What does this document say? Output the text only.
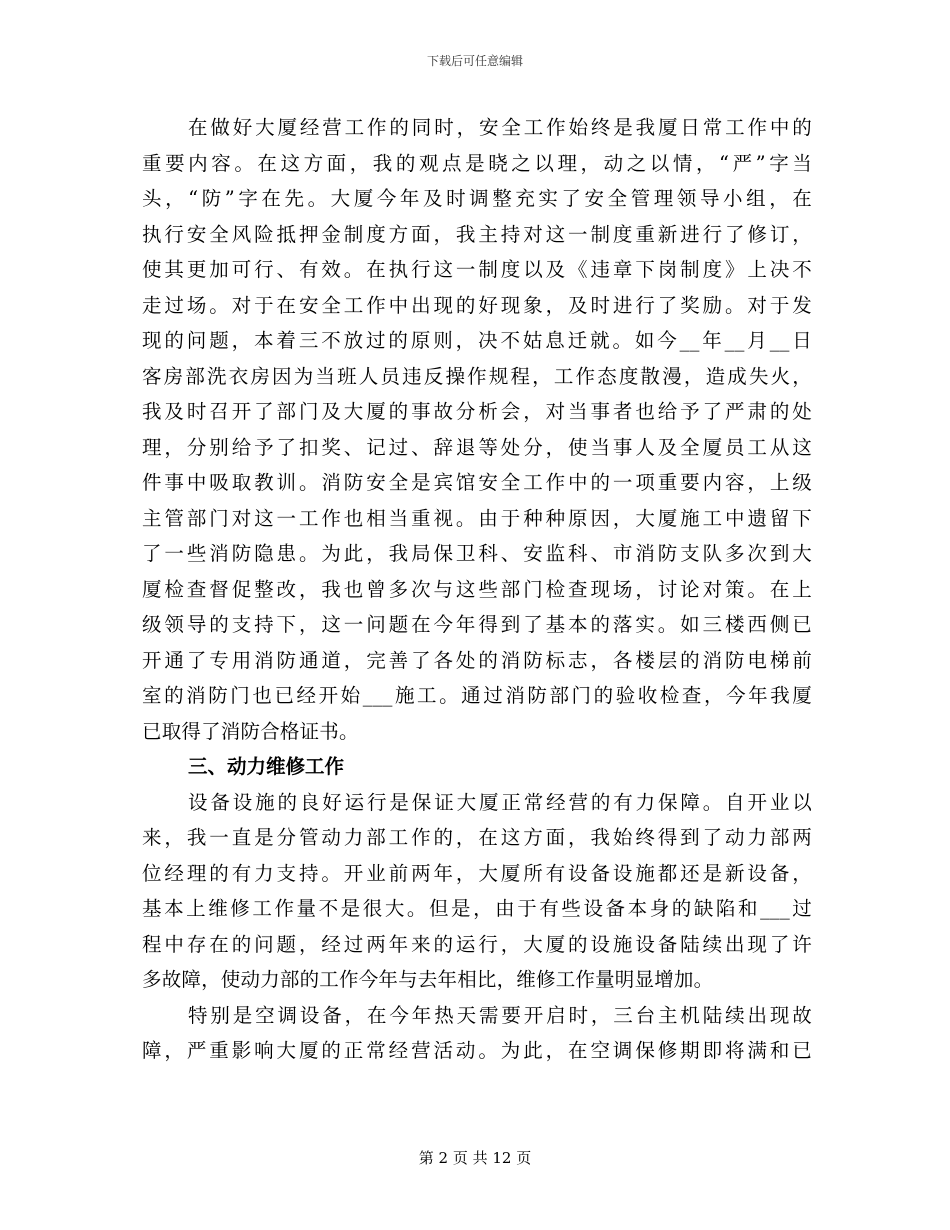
下载后可任意编辑
在做好大厦经营工作的同时，安全工作始终是我厦日常工作中的
重要内容。在这方面，我的观点是晓之以理，动之以情，“严”字当
头，“防”字在先。大厦今年及时调整充实了安全管理领导小组，在
执行安全风险抵押金制度方面，我主持对这一制度重新进行了修订，
使其更加可行、有效。在执行这一制度以及《违章下岗制度》上决不
走过场。对于在安全工作中出现的好现象，及时进行了奖励。对于发
现的问题，本着三不放过的原则，决不姑息迁就。如今__年__月__日
客房部洗衣房因为当班人员违反操作规程，工作态度散漫，造成失火，
我及时召开了部门及大厦的事故分析会，对当事者也给予了严肃的处
理，分别给予了扣奖、记过、辞退等处分，使当事人及全厦员工从这
件事中吸取教训。消防安全是宾馆安全工作中的一项重要内容，上级
主管部门对这一工作也相当重视。由于种种原因，大厦施工中遗留下
了一些消防隐患。为此，我局保卫科、安监科、市消防支队多次到大
厦检查督促整改，我也曾多次与这些部门检查现场，讨论对策。在上
级领导的支持下，这一问题在今年得到了基本的落实。如三楼西侧已
开通了专用消防通道，完善了各处的消防标志，各楼层的消防电梯前
室的消防门也已经开始___施工。通过消防部门的验收检查，今年我厦
已取得了消防合格证书。
三、动力维修工作
设备设施的良好运行是保证大厦正常经营的有力保障。自开业以
来，我一直是分管动力部工作的，在这方面，我始终得到了动力部两
位经理的有力支持。开业前两年，大厦所有设备设施都还是新设备，
基本上维修工作量不是很大。但是，由于有些设备本身的缺陷和___过
程中存在的问题，经过两年来的运行，大厦的设施设备陆续出现了许
多故障，使动力部的工作今年与去年相比，维修工作量明显增加。
特别是空调设备，在今年热天需要开启时，三台主机陆续出现故
障，严重影响大厦的正常经营活动。为此，在空调保修期即将满和已
第 2 页 共 12 页
